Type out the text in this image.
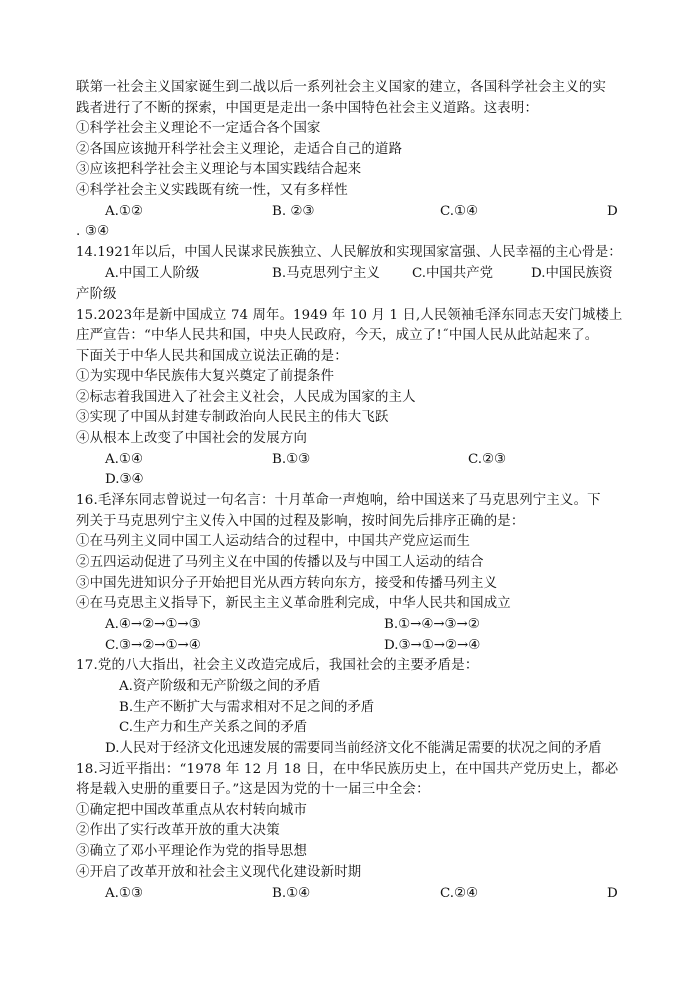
联第一社会主义国家诞生到二战以后一系列社会主义国家的建立，各国科学社会主义的实
践者进行了不断的探索，中国更是走出一条中国特色社会主义道路。这表明：
①科学社会主义理论不一定适合各个国家
②各国应该抛开科学社会主义理论，走适合自己的道路
③应该把科学社会主义理论与本国实践结合起来
④科学社会主义实践既有统一性，又有多样性
A.①②	B. ②③	C.①④	D
. ③④
14.1921年以后，中国人民谋求民族独立、人民解放和实现国家富强、人民幸福的主心骨是：
A.中国工人阶级	B.马克思列宁主义 C.中国共产党	D.中国民族资
产阶级
15.2023年是新中国成立 74 周年。1949 年 10 月 1 日,人民领袖毛泽东同志天安门城楼上
庄严宣告：“中华人民共和国，中央人民政府，今天，成立了!˝中国人民从此站起来了。
下面关于中华人民共和国成立说法正确的是：
①为实现中华民族伟大复兴奠定了前提条件
②标志着我国进入了社会主义社会，人民成为国家的主人
③实现了中国从封建专制政治向人民民主的伟大飞跃
④从根本上改变了中国社会的发展方向
A.①④	B.①③	C.②③
D.③④
16.毛泽东同志曾说过一句名言：十月革命一声炮响，给中国送来了马克思列宁主义。下
列关于马克思列宁主义传入中国的过程及影响，按时间先后排序正确的是：
①在马列主义同中国工人运动结合的过程中，中国共产党应运而生
②五四运动促进了马列主义在中国的传播以及与中国工人运动的结合
③中国先进知识分子开始把目光从西方转向东方，接受和传播马列主义
④在马克思主义指导下，新民主主义革命胜利完成，中华人民共和国成立
A.④→②→①→③	B.①→④→③→②
C.③→②→①→④	D.③→①→②→④
17.党的八大指出，社会主义改造完成后，我国社会的主要矛盾是：
A.资产阶级和无产阶级之间的矛盾
B.生产不断扩大与需求相对不足之间的矛盾
C.生产力和生产关系之间的矛盾
D.人民对于经济文化迅速发展的需要同当前经济文化不能满足需要的状况之间的矛盾
18.习近平指出：“1978 年 12 月 18 日，在中华民族历史上，在中国共产党历史上，都必
将是载入史册的重要日子。”这是因为党的十一届三中全会：
①确定把中国改革重点从农村转向城市
②作出了实行改革开放的重大决策
③确立了邓小平理论作为党的指导思想
④开启了改革开放和社会主义现代化建设新时期
A.①③	B.①④	C.②④	D
